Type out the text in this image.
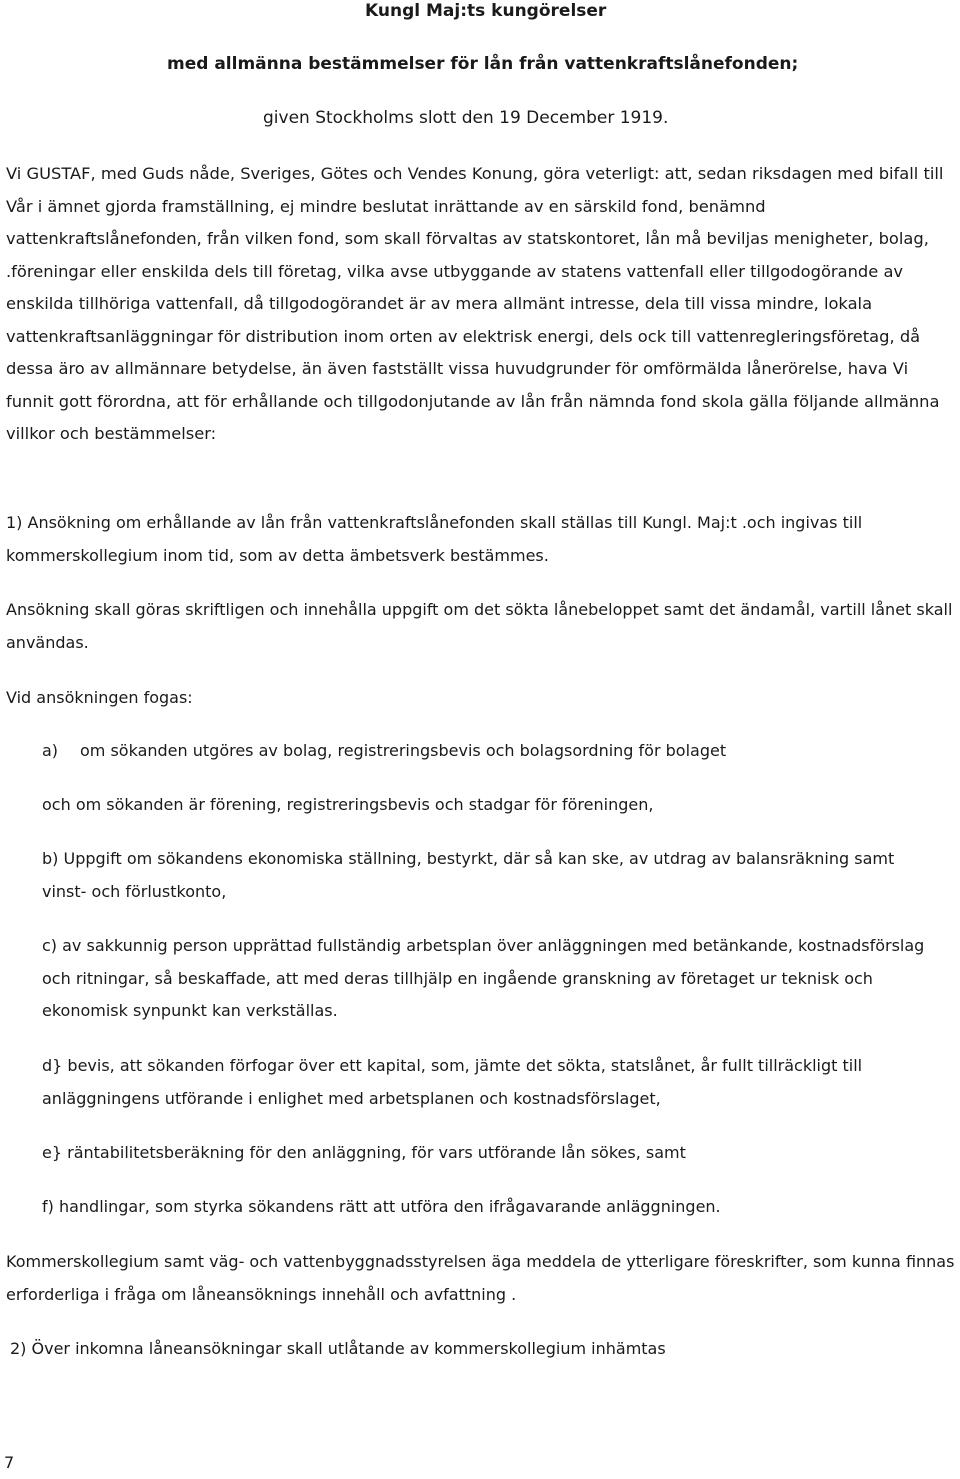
Kungl Maj:ts kungörelser
med allmänna bestämmelser för lån från vattenkraftslånefonden;
given Stockholms slott den 19 December 1919.

Vi GUSTAF, med Guds nåde, Sveriges, Götes och Vendes Konung, göra veterligt: att, sedan riksdagen med bifall till Vår i ämnet gjorda framställning, ej mindre beslutat inrättande av en särskild fond, benämnd vattenkraftslånefonden, från vilken fond, som skall förvaltas av statskontoret, lån må beviljas menigheter, bolag, .föreningar eller enskilda dels till företag, vilka avse utbyggande av statens vattenfall eller tillgodogörande av enskilda tillhöriga vattenfall, då tillgodogörandet är av mera allmänt intresse, dela till vissa mindre, lokala vattenkraftsanläggningar för distribution inom orten av elektrisk energi, dels ock till vattenregleringsföretag, då dessa äro av allmännare betydelse, än även fastställt vissa huvudgrunder för omförmälda lånerörelse, hava Vi funnit gott förordna, att för erhållande och tillgodonjutande av lån från nämnda fond skola gälla följande allmänna villkor och bestämmelser:

1) Ansökning om erhållande av lån från vattenkraftslånefonden skall ställas till Kungl. Maj:t .och ingivas till kommerskollegium inom tid, som av detta ämbetsverk bestämmes.

Ansökning skall göras skriftligen och innehålla uppgift om det sökta lånebeloppet samt det ändamål, vartill lånet skall användas.

Vid ansökningen fogas:

a) om sökanden utgöres av bolag, registreringsbevis och bolagsordning för bolaget

och om sökanden är förening, registreringsbevis och stadgar för föreningen,

b) Uppgift om sökandens ekonomiska ställning, bestyrkt, där så kan ske, av utdrag av balansräkning samt vinst- och förlustkonto,

c) av sakkunnig person upprättad fullständig arbetsplan över anläggningen med betänkande, kostnadsförslag och ritningar, så beskaffade, att med deras tillhjälp en ingående granskning av företaget ur teknisk och ekonomisk synpunkt kan verkställas.

d} bevis, att sökanden förfogar över ett kapital, som, jämte det sökta, statslånet, år fullt tillräckligt till anläggningens utförande i enlighet med arbetsplanen och kostnadsförslaget,

e} räntabilitetsberäkning för den anläggning, för vars utförande lån sökes, samt

f) handlingar, som styrka sökandens rätt att utföra den ifrågavarande anläggningen.

Kommerskollegium samt väg- och vattenbyggnadsstyrelsen äga meddela de ytterligare föreskrifter, som kunna finnas erforderliga i fråga om låneansöknings innehåll och avfattning .

2) Över inkomna låneansökningar skall utlåtande av kommerskollegium inhämtas

7
